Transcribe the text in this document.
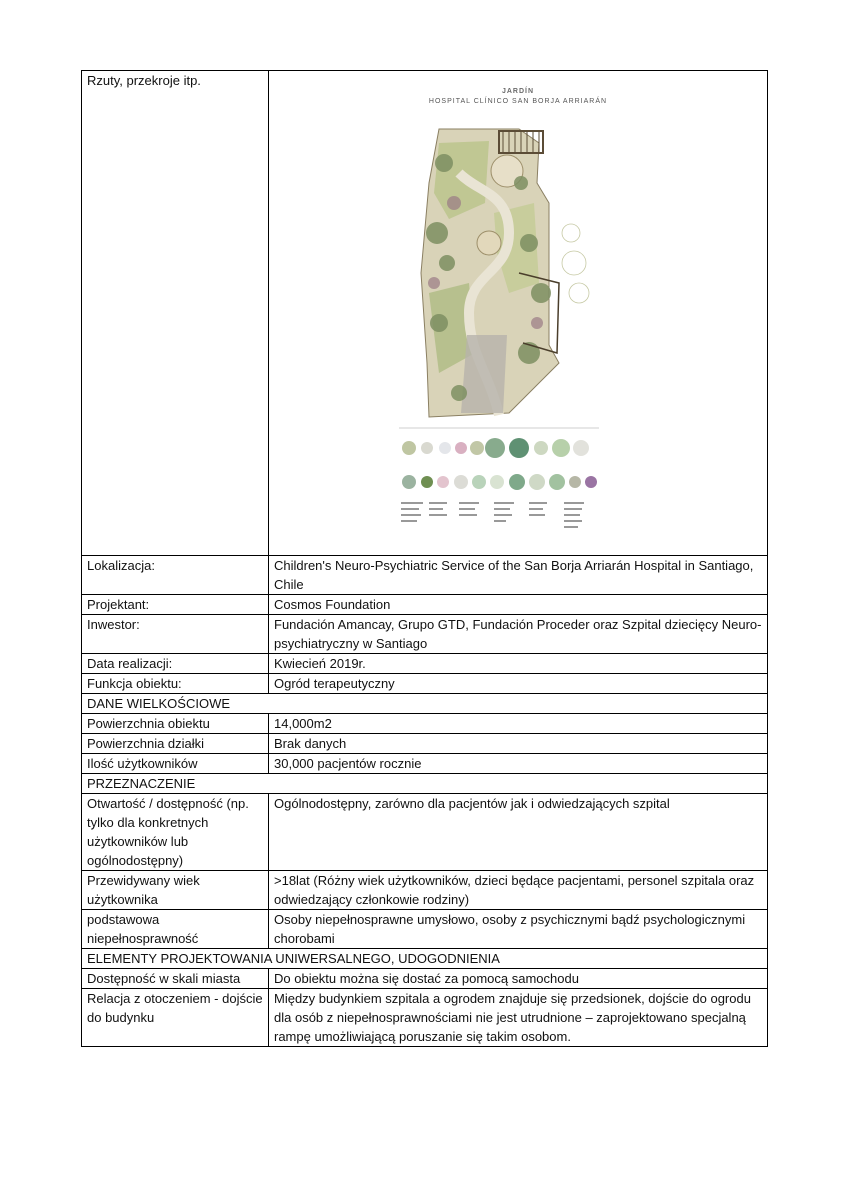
Rzuty, przekroje itp.	JARDÍN
HOSPITAL CLÍNICO SAN BORJA ARRIARÁN

Lokalizacja:	Children's Neuro-Psychiatric Service of the San Borja Arriarán Hospital in Santiago, Chile
Projektant:	Cosmos Foundation
Inwestor:	Fundación Amancay, Grupo GTD, Fundación Proceder oraz Szpital dziecięcy Neuro-psychiatryczny w Santiago
Data realizacji:	Kwiecień 2019r.
Funkcja obiektu:	Ogród terapeutyczny
DANE WIELKOŚCIOWE	
Powierzchnia obiektu	14,000m2
Powierzchnia działki	Brak danych
Ilość użytkowników	30,000 pacjentów rocznie
PRZEZNACZENIE	
Otwartość / dostępność (np. tylko dla konkretnych użytkowników lub ogólnodostępny)	Ogólnodostępny, zarówno dla pacjentów jak i odwiedzających szpital
Przewidywany wiek użytkownika	>18lat (Różny wiek użytkowników, dzieci będące pacjentami, personel szpitala oraz odwiedzający członkowie rodziny)
podstawowa niepełnosprawność	Osoby niepełnosprawne umysłowo, osoby z psychicznymi bądź psychologicznymi chorobami
ELEMENTY PROJEKTOWANIA UNIWERSALNEGO, UDOGODNIENIA	
Dostępność w skali miasta	Do obiektu można się dostać za pomocą samochodu
Relacja z otoczeniem - dojście do budynku	Między budynkiem szpitala a ogrodem znajduje się przedsionek, dojście do ogrodu dla osób z niepełnosprawnościami nie jest utrudnione – zaprojektowano specjalną rampę umożliwiającą poruszanie się takim osobom.
